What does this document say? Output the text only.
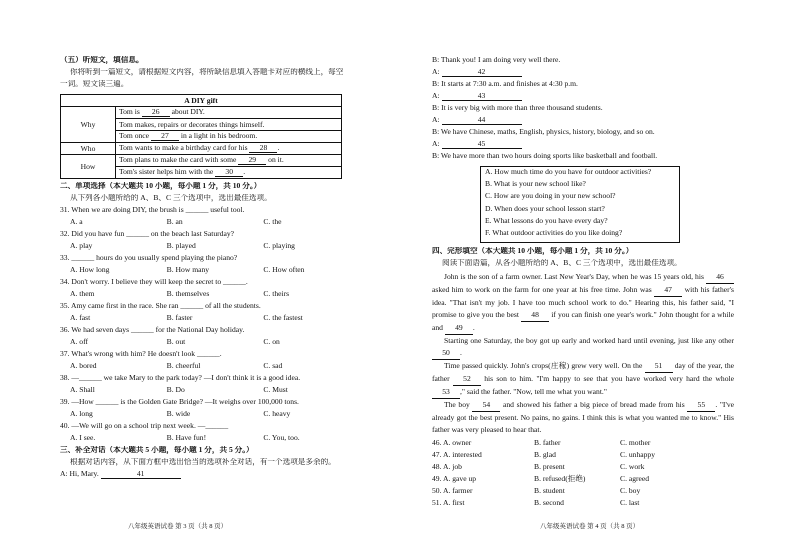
（五）听短文，填信息。
你将听到一篇短文，请根据短文内容，将所缺信息填入答题卡对应的横线上，每空
一词。短文读三遍。
A DIY gift	
Why	Tom is 26 about DIY.
	Tom makes, repairs or decorates things himself.
	Tom once 27 in a light in his bedroom.
Who	Tom wants to make a birthday card for his 28 .
How	Tom plans to make the card with some 29 on it.
	Tom's sister helps him with the 30 .
二、单项选择（本大题共 10 小题，每小题 1 分，共 10 分。）
从下列各小题所给的 A、B、C 三个选项中，选出最佳选项。
31. When we are doing DIY, the brush is ______ useful tool.
A. a	B. an	C. the
32. Did you have fun ______ on the beach last Saturday?
A. play	B. played	C. playing
33. ______ hours do you usually spend playing the piano?
A. How long	B. How many	C. How often
34. Don't worry. I believe they will keep the secret to ______.
A. them	B. themselves	C. theirs
35. Amy came first in the race. She ran ______ of all the students.
A. fast	B. faster	C. the fastest
36. We had seven days ______ for the National Day holiday.
A. off	B. out	C. on
37. What's wrong with him? He doesn't look ______.
A. bored	B. cheerful	C. sad
38. —______ we take Mary to the park today? —I don't think it is a good idea.
A. Shall	B. Do	C. Must
39. —How ______ is the Golden Gate Bridge? —It weighs over 100,000 tons.
A. long	B. wide	C. heavy
40. —We will go on a school trip next week. —______
A. I see.	B. Have fun!	C. You, too.
三、补全对话（本大题共 5 小题，每小题 1 分，共 5 分。）
根据对话内容，从下面方框中选出恰当的选项补全对话，有一个选项是多余的。
A: Hi, Mary.	41
八年级英语试卷 第 3 页（共 8 页）
B: Thank you! I am doing very well there.
A:	42
B: It starts at 7:30 a.m. and finishes at 4:30 p.m.
A:	43
B: It is very big with more than three thousand students.
A:	44
B: We have Chinese, maths, English, physics, history, biology, and so on.
A:	45
B: We have more than two hours doing sports like basketball and football.
A. How much time do you have for outdoor activities?
B. What is your new school like?
C. How are you doing in your new school?
D. When does your school lesson start?
E. What lessons do you have every day?
F. What outdoor activities do you like doing?
四、完形填空（本大题共 10 小题，每小题 1 分，共 10 分。）
阅读下面语篇，从各小题所给的 A、B、C 三个选项中，选出最佳选项。
John is the son of a farm owner. Last New Year's Day, when he was 15 years old, his 46 asked him to work on the farm for one year at his free time. John was 47 with his father's idea. "That isn't my job. I have too much school work to do." Hearing this, his father said, "I promise to give you the best 48 if you can finish one year's work." John thought for a while and 49 .
Starting one Saturday, the boy got up early and worked hard until evening, just like any other 50 .
Time passed quickly. John's crops(庄稼) grew very well. On the 51 day of the year, the father 52 his son to him. "I'm happy to see that you have worked very hard the whole 53 ," said the father. "Now, tell me what you want."
The boy 54 and showed his father a big piece of bread made from his 55 . "I've already got the best present. No pains, no gains. I think this is what you wanted me to know." His father was very pleased to hear that.
46. A. owner	B. father	C. mother
47. A. interested	B. glad	C. unhappy
48. A. job	B. present	C. work
49. A. gave up	B. refused(拒绝)	C. agreed
50. A. farmer	B. student	C. boy
51. A. first	B. second	C. last
八年级英语试卷 第 4 页（共 8 页）
